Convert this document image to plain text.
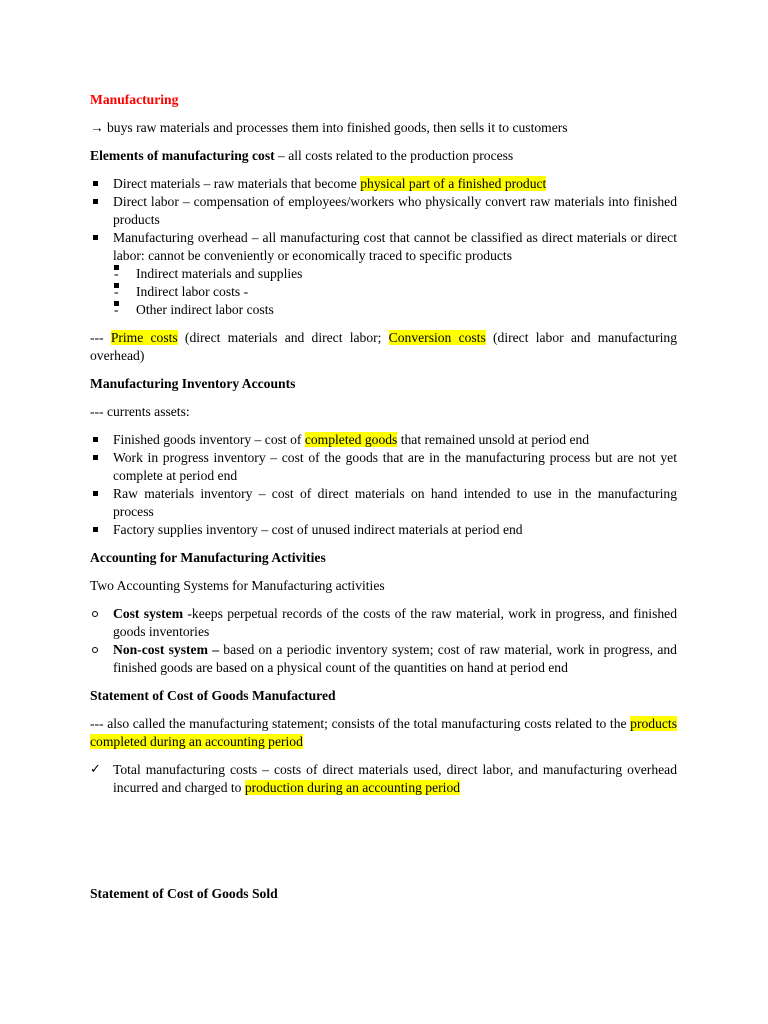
Manufacturing

→ buys raw materials and processes them into finished goods, then sells it to customers

Elements of manufacturing cost – all costs related to the production process

Direct materials – raw materials that become physical part of a finished product
Direct labor – compensation of employees/workers who physically convert raw materials into finished products
Manufacturing overhead – all manufacturing cost that cannot be classified as direct materials or direct labor: cannot be conveniently or economically traced to specific products
- Indirect materials and supplies
- Indirect labor costs -
- Other indirect labor costs

--- Prime costs (direct materials and direct labor; Conversion costs (direct labor and manufacturing overhead)

Manufacturing Inventory Accounts

--- currents assets:

Finished goods inventory – cost of completed goods that remained unsold at period end
Work in progress inventory – cost of the goods that are in the manufacturing process but are not yet complete at period end
Raw materials inventory – cost of direct materials on hand intended to use in the manufacturing process
Factory supplies inventory – cost of unused indirect materials at period end

Accounting for Manufacturing Activities

Two Accounting Systems for Manufacturing activities

Cost system -keeps perpetual records of the costs of the raw material, work in progress, and finished goods inventories
Non-cost system – based on a periodic inventory system; cost of raw material, work in progress, and finished goods are based on a physical count of the quantities on hand at period end

Statement of Cost of Goods Manufactured

--- also called the manufacturing statement; consists of the total manufacturing costs related to the products completed during an accounting period

✓ Total manufacturing costs – costs of direct materials used, direct labor, and manufacturing overhead incurred and charged to production during an accounting period

Statement of Cost of Goods Sold
